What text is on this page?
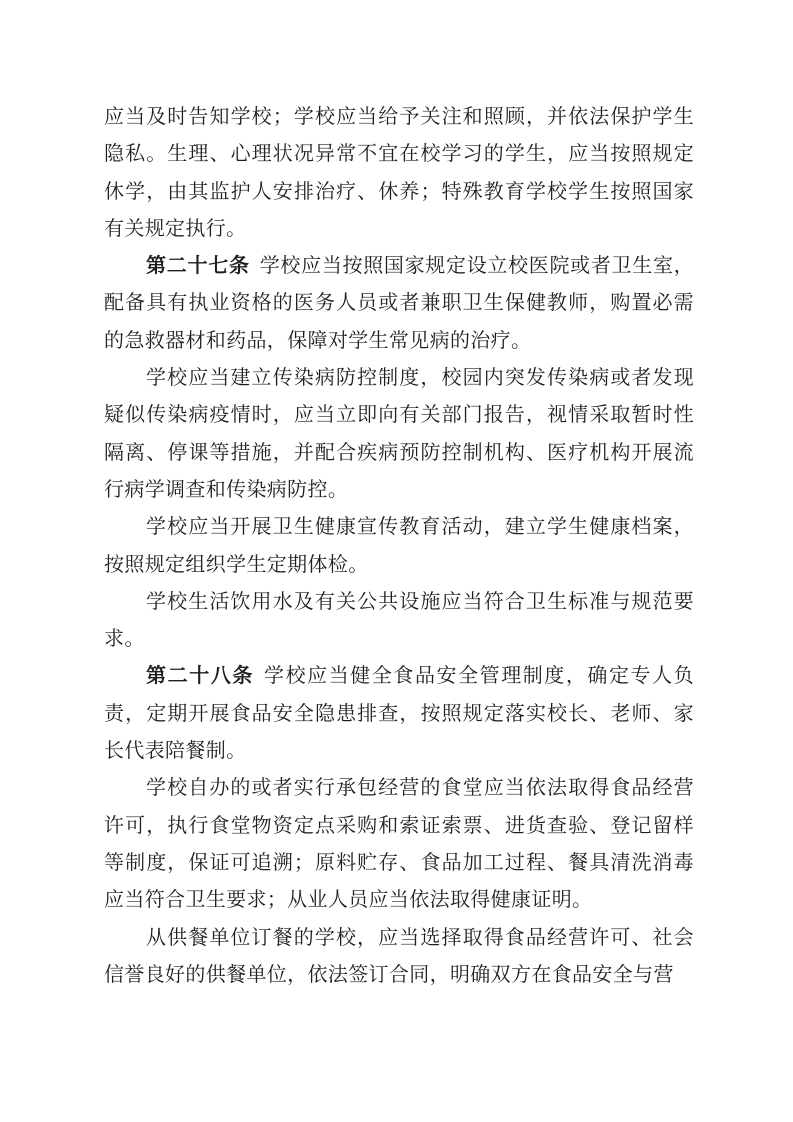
应当及时告知学校；学校应当给予关注和照顾，并依法保护学生隐私。生理、心理状况异常不宜在校学习的学生，应当按照规定休学，由其监护人安排治疗、休养；特殊教育学校学生按照国家有关规定执行。

第二十七条 学校应当按照国家规定设立校医院或者卫生室，配备具有执业资格的医务人员或者兼职卫生保健教师，购置必需的急救器材和药品，保障对学生常见病的治疗。

学校应当建立传染病防控制度，校园内突发传染病或者发现疑似传染病疫情时，应当立即向有关部门报告，视情采取暂时性隔离、停课等措施，并配合疾病预防控制机构、医疗机构开展流行病学调查和传染病防控。

学校应当开展卫生健康宣传教育活动，建立学生健康档案，按照规定组织学生定期体检。

学校生活饮用水及有关公共设施应当符合卫生标准与规范要求。

第二十八条 学校应当健全食品安全管理制度，确定专人负责，定期开展食品安全隐患排查，按照规定落实校长、老师、家长代表陪餐制。

学校自办的或者实行承包经营的食堂应当依法取得食品经营许可，执行食堂物资定点采购和索证索票、进货查验、登记留样等制度，保证可追溯；原料贮存、食品加工过程、餐具清洗消毒应当符合卫生要求；从业人员应当依法取得健康证明。

从供餐单位订餐的学校，应当选择取得食品经营许可、社会信誉良好的供餐单位，依法签订合同，明确双方在食品安全与营
